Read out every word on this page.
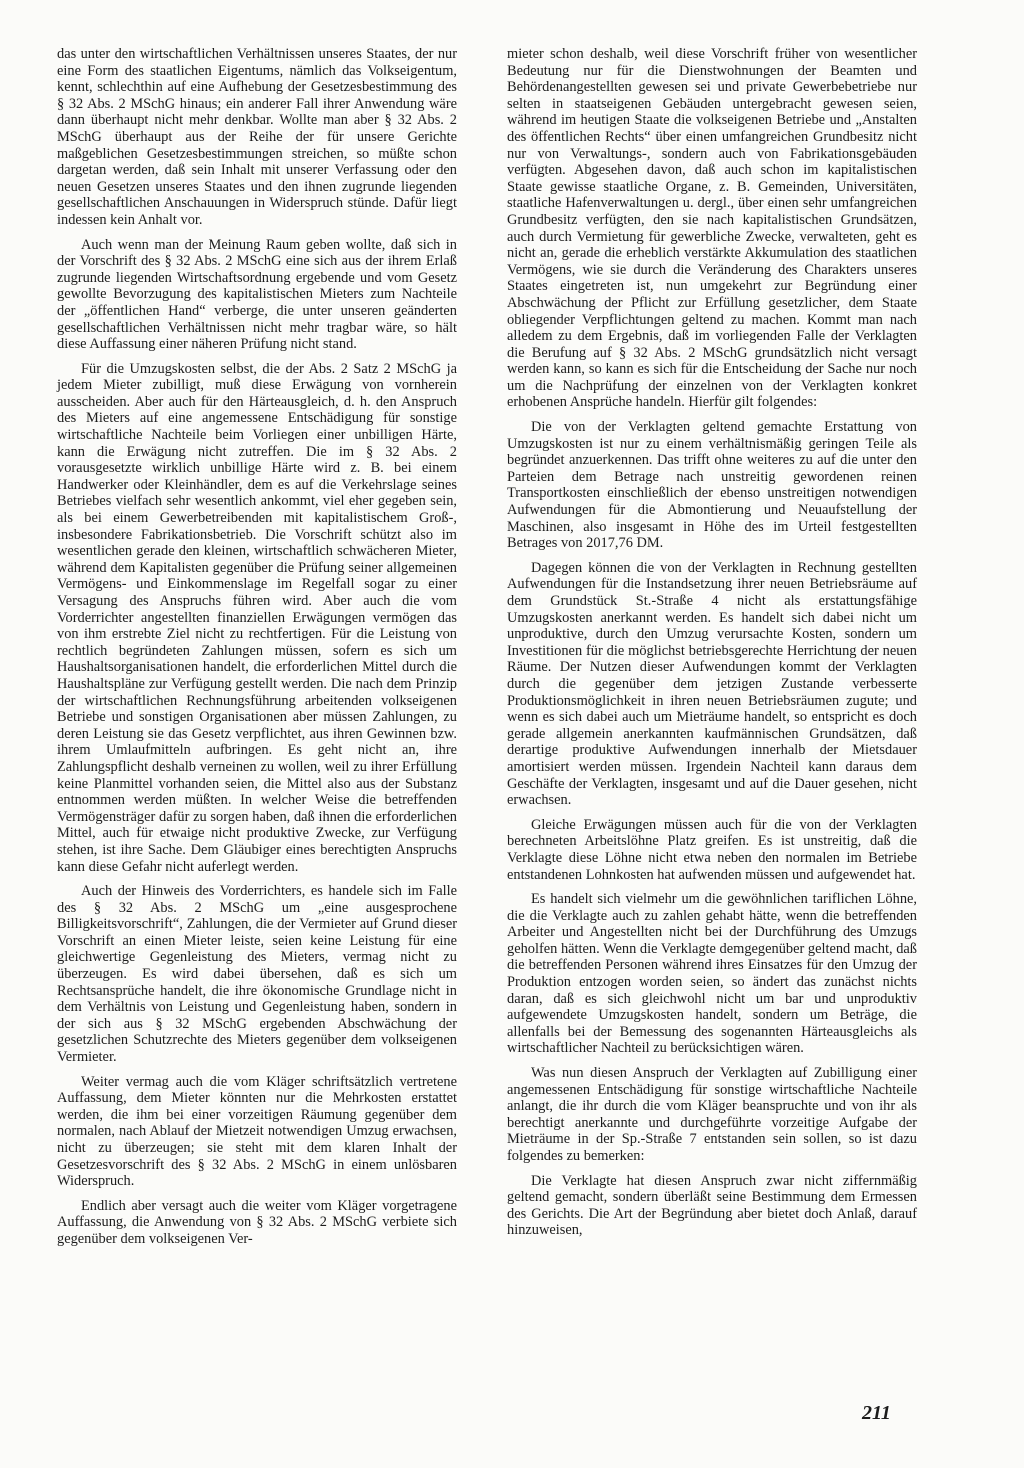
das unter den wirtschaftlichen Verhältnissen unseres Staates, der nur eine Form des staatlichen Eigentums, nämlich das Volkseigentum, kennt, schlechthin auf eine Aufhebung der Gesetzesbestimmung des § 32 Abs. 2 MSchG hinaus; ein anderer Fall ihrer Anwendung wäre dann überhaupt nicht mehr denkbar. Wollte man aber § 32 Abs. 2 MSchG überhaupt aus der Reihe der für unsere Gerichte maßgeblichen Gesetzesbestimmungen streichen, so müßte schon dargetan werden, daß sein Inhalt mit unserer Verfassung oder den neuen Gesetzen unseres Staates und den ihnen zugrunde liegenden gesellschaftlichen Anschauungen in Widerspruch stünde. Dafür liegt indessen kein Anhalt vor.

Auch wenn man der Meinung Raum geben wollte, daß sich in der Vorschrift des § 32 Abs. 2 MSchG eine sich aus der ihrem Erlaß zugrunde liegenden Wirtschaftsordnung ergebende und vom Gesetz gewollte Bevorzugung des kapitalistischen Mieters zum Nachteile der „öffentlichen Hand“ verberge, die unter unseren geänderten gesellschaftlichen Verhältnissen nicht mehr tragbar wäre, so hält diese Auffassung einer näheren Prüfung nicht stand.

Für die Umzugskosten selbst, die der Abs. 2 Satz 2 MSchG ja jedem Mieter zubilligt, muß diese Erwägung von vornherein ausscheiden. Aber auch für den Härteausgleich, d. h. den Anspruch des Mieters auf eine angemessene Entschädigung für sonstige wirtschaftliche Nachteile beim Vorliegen einer unbilligen Härte, kann die Erwägung nicht zutreffen. Die im § 32 Abs. 2 vorausgesetzte wirklich unbillige Härte wird z. B. bei einem Handwerker oder Kleinhändler, dem es auf die Verkehrslage seines Betriebes vielfach sehr wesentlich ankommt, viel eher gegeben sein, als bei einem Gewerbetreibenden mit kapitalistischem Groß-, insbesondere Fabrikationsbetrieb. Die Vorschrift schützt also im wesentlichen gerade den kleinen, wirtschaftlich schwächeren Mieter, während dem Kapitalisten gegenüber die Prüfung seiner allgemeinen Vermögens- und Einkommenslage im Regelfall sogar zu einer Versagung des Anspruchs führen wird. Aber auch die vom Vorderrichter angestellten finanziellen Erwägungen vermögen das von ihm erstrebte Ziel nicht zu rechtfertigen. Für die Leistung von rechtlich begründeten Zahlungen müssen, sofern es sich um Haushaltsorganisationen handelt, die erforderlichen Mittel durch die Haushaltspläne zur Verfügung gestellt werden. Die nach dem Prinzip der wirtschaftlichen Rechnungsführung arbeitenden volkseigenen Betriebe und sonstigen Organisationen aber müssen Zahlungen, zu deren Leistung sie das Gesetz verpflichtet, aus ihren Gewinnen bzw. ihrem Umlaufmitteln aufbringen. Es geht nicht an, ihre Zahlungspflicht deshalb verneinen zu wollen, weil zu ihrer Erfüllung keine Planmittel vorhanden seien, die Mittel also aus der Substanz entnommen werden müßten. In welcher Weise die betreffenden Vermögensträger dafür zu sorgen haben, daß ihnen die erforderlichen Mittel, auch für etwaige nicht produktive Zwecke, zur Verfügung stehen, ist ihre Sache. Dem Gläubiger eines berechtigten Anspruchs kann diese Gefahr nicht auferlegt werden.

Auch der Hinweis des Vorderrichters, es handele sich im Falle des § 32 Abs. 2 MSchG um „eine ausgesprochene Billigkeitsvorschrift“, Zahlungen, die der Vermieter auf Grund dieser Vorschrift an einen Mieter leiste, seien keine Leistung für eine gleichwertige Gegenleistung des Mieters, vermag nicht zu überzeugen. Es wird dabei übersehen, daß es sich um Rechtsansprüche handelt, die ihre ökonomische Grundlage nicht in dem Verhältnis von Leistung und Gegenleistung haben, sondern in der sich aus § 32 MSchG ergebenden Abschwächung der gesetzlichen Schutzrechte des Mieters gegenüber dem volkseigenen Vermieter.

Weiter vermag auch die vom Kläger schriftsätzlich vertretene Auffassung, dem Mieter könnten nur die Mehrkosten erstattet werden, die ihm bei einer vorzeitigen Räumung gegenüber dem normalen, nach Ablauf der Mietzeit notwendigen Umzug erwachsen, nicht zu überzeugen; sie steht mit dem klaren Inhalt der Gesetzesvorschrift des § 32 Abs. 2 MSchG in einem unlösbaren Widerspruch.

Endlich aber versagt auch die weiter vom Kläger vorgetragene Auffassung, die Anwendung von § 32 Abs. 2 MSchG verbiete sich gegenüber dem volkseigenen Ver-

mieter schon deshalb, weil diese Vorschrift früher von wesentlicher Bedeutung nur für die Dienstwohnungen der Beamten und Behördenangestellten gewesen sei und private Gewerbebetriebe nur selten in staatseigenen Gebäuden untergebracht gewesen seien, während im heutigen Staate die volkseigenen Betriebe und „Anstalten des öffentlichen Rechts“ über einen umfangreichen Grundbesitz nicht nur von Verwaltungs-, sondern auch von Fabrikationsgebäuden verfügten. Abgesehen davon, daß auch schon im kapitalistischen Staate gewisse staatliche Organe, z. B. Gemeinden, Universitäten, staatliche Hafenverwaltungen u. dergl., über einen sehr umfangreichen Grundbesitz verfügten, den sie nach kapitalistischen Grundsätzen, auch durch Vermietung für gewerbliche Zwecke, verwalteten, geht es nicht an, gerade die erheblich verstärkte Akkumulation des staatlichen Vermögens, wie sie durch die Veränderung des Charakters unseres Staates eingetreten ist, nun umgekehrt zur Begründung einer Abschwächung der Pflicht zur Erfüllung gesetzlicher, dem Staate obliegender Verpflichtungen geltend zu machen. Kommt man nach alledem zu dem Ergebnis, daß im vorliegenden Falle der Verklagten die Berufung auf § 32 Abs. 2 MSchG grundsätzlich nicht versagt werden kann, so kann es sich für die Entscheidung der Sache nur noch um die Nachprüfung der einzelnen von der Verklagten konkret erhobenen Ansprüche handeln. Hierfür gilt folgendes:

Die von der Verklagten geltend gemachte Erstattung von Umzugskosten ist nur zu einem verhältnismäßig geringen Teile als begründet anzuerkennen. Das trifft ohne weiteres zu auf die unter den Parteien dem Betrage nach unstreitig gewordenen reinen Transportkosten einschließlich der ebenso unstreitigen notwendigen Aufwendungen für die Abmontierung und Neuaufstellung der Maschinen, also insgesamt in Höhe des im Urteil festgestellten Betrages von 2017,76 DM.

Dagegen können die von der Verklagten in Rechnung gestellten Aufwendungen für die Instandsetzung ihrer neuen Betriebsräume auf dem Grundstück St.-Straße 4 nicht als erstattungsfähige Umzugskosten anerkannt werden. Es handelt sich dabei nicht um unproduktive, durch den Umzug verursachte Kosten, sondern um Investitionen für die möglichst betriebsgerechte Herrichtung der neuen Räume. Der Nutzen dieser Aufwendungen kommt der Verklagten durch die gegenüber dem jetzigen Zustande verbesserte Produktionsmöglichkeit in ihren neuen Betriebsräumen zugute; und wenn es sich dabei auch um Mieträume handelt, so entspricht es doch gerade allgemein anerkannten kaufmännischen Grundsätzen, daß derartige produktive Aufwendungen innerhalb der Mietsdauer amortisiert werden müssen. Irgendein Nachteil kann daraus dem Geschäfte der Verklagten, insgesamt und auf die Dauer gesehen, nicht erwachsen.

Gleiche Erwägungen müssen auch für die von der Verklagten berechneten Arbeitslöhne Platz greifen. Es ist unstreitig, daß die Verklagte diese Löhne nicht etwa neben den normalen im Betriebe entstandenen Lohnkosten hat aufwenden müssen und aufgewendet hat.

Es handelt sich vielmehr um die gewöhnlichen tariflichen Löhne, die die Verklagte auch zu zahlen gehabt hätte, wenn die betreffenden Arbeiter und Angestellten nicht bei der Durchführung des Umzugs geholfen hätten. Wenn die Verklagte demgegenüber geltend macht, daß die betreffenden Personen während ihres Einsatzes für den Umzug der Produktion entzogen worden seien, so ändert das zunächst nichts daran, daß es sich gleichwohl nicht um bar und unproduktiv aufgewendete Umzugskosten handelt, sondern um Beträge, die allenfalls bei der Bemessung des sogenannten Härteausgleichs als wirtschaftlicher Nachteil zu berücksichtigen wären.

Was nun diesen Anspruch der Verklagten auf Zubilligung einer angemessenen Entschädigung für sonstige wirtschaftliche Nachteile anlangt, die ihr durch die vom Kläger beanspruchte und von ihr als berechtigt anerkannte und durchgeführte vorzeitige Aufgabe der Mieträume in der Sp.-Straße 7 entstanden sein sollen, so ist dazu folgendes zu bemerken:

Die Verklagte hat diesen Anspruch zwar nicht ziffernmäßig geltend gemacht, sondern überläßt seine Bestimmung dem Ermessen des Gerichts. Die Art der Begründung aber bietet doch Anlaß, darauf hinzuweisen,

211
